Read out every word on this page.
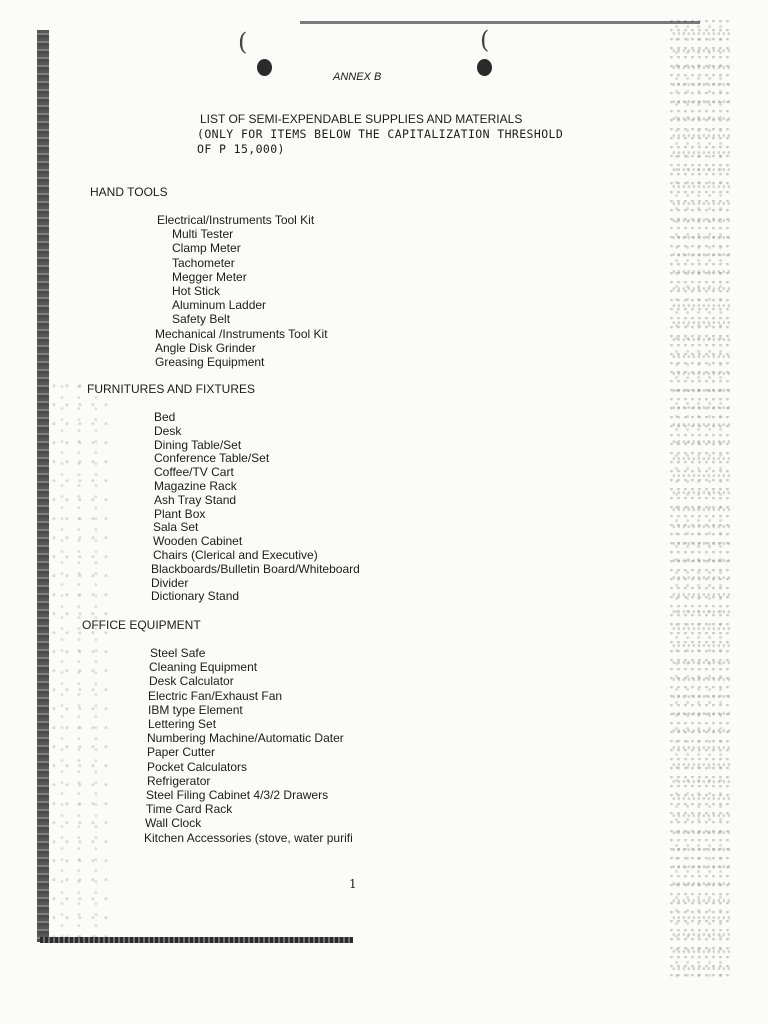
(	(
ANNEX B
LIST OF SEMI-EXPENDABLE SUPPLIES AND MATERIALS
(ONLY FOR ITEMS BELOW THE CAPITALIZATION THRESHOLD
OF P 15,000)
HAND TOOLS
Electrical/Instruments Tool Kit
Multi Tester
Clamp Meter
Tachometer
Megger Meter
Hot Stick
Aluminum Ladder
Safety Belt
Mechanical /Instruments Tool Kit
Angle Disk Grinder
Greasing Equipment
FURNITURES AND FIXTURES
Bed
Desk
Dining Table/Set
Conference Table/Set
Coffee/TV Cart
Magazine Rack
Ash Tray Stand
Plant Box
Sala Set
Wooden Cabinet
Chairs (Clerical and Executive)
Blackboards/Bulletin Board/Whiteboard
Divider
Dictionary Stand
OFFICE EQUIPMENT
Steel Safe
Cleaning Equipment
Desk Calculator
Electric Fan/Exhaust Fan
IBM type Element
Lettering Set
Numbering Machine/Automatic Dater
Paper Cutter
Pocket Calculators
Refrigerator
Steel Filing Cabinet 4/3/2 Drawers
Time Card Rack
Wall Clock
Kitchen Accessories (stove, water purifi
1
